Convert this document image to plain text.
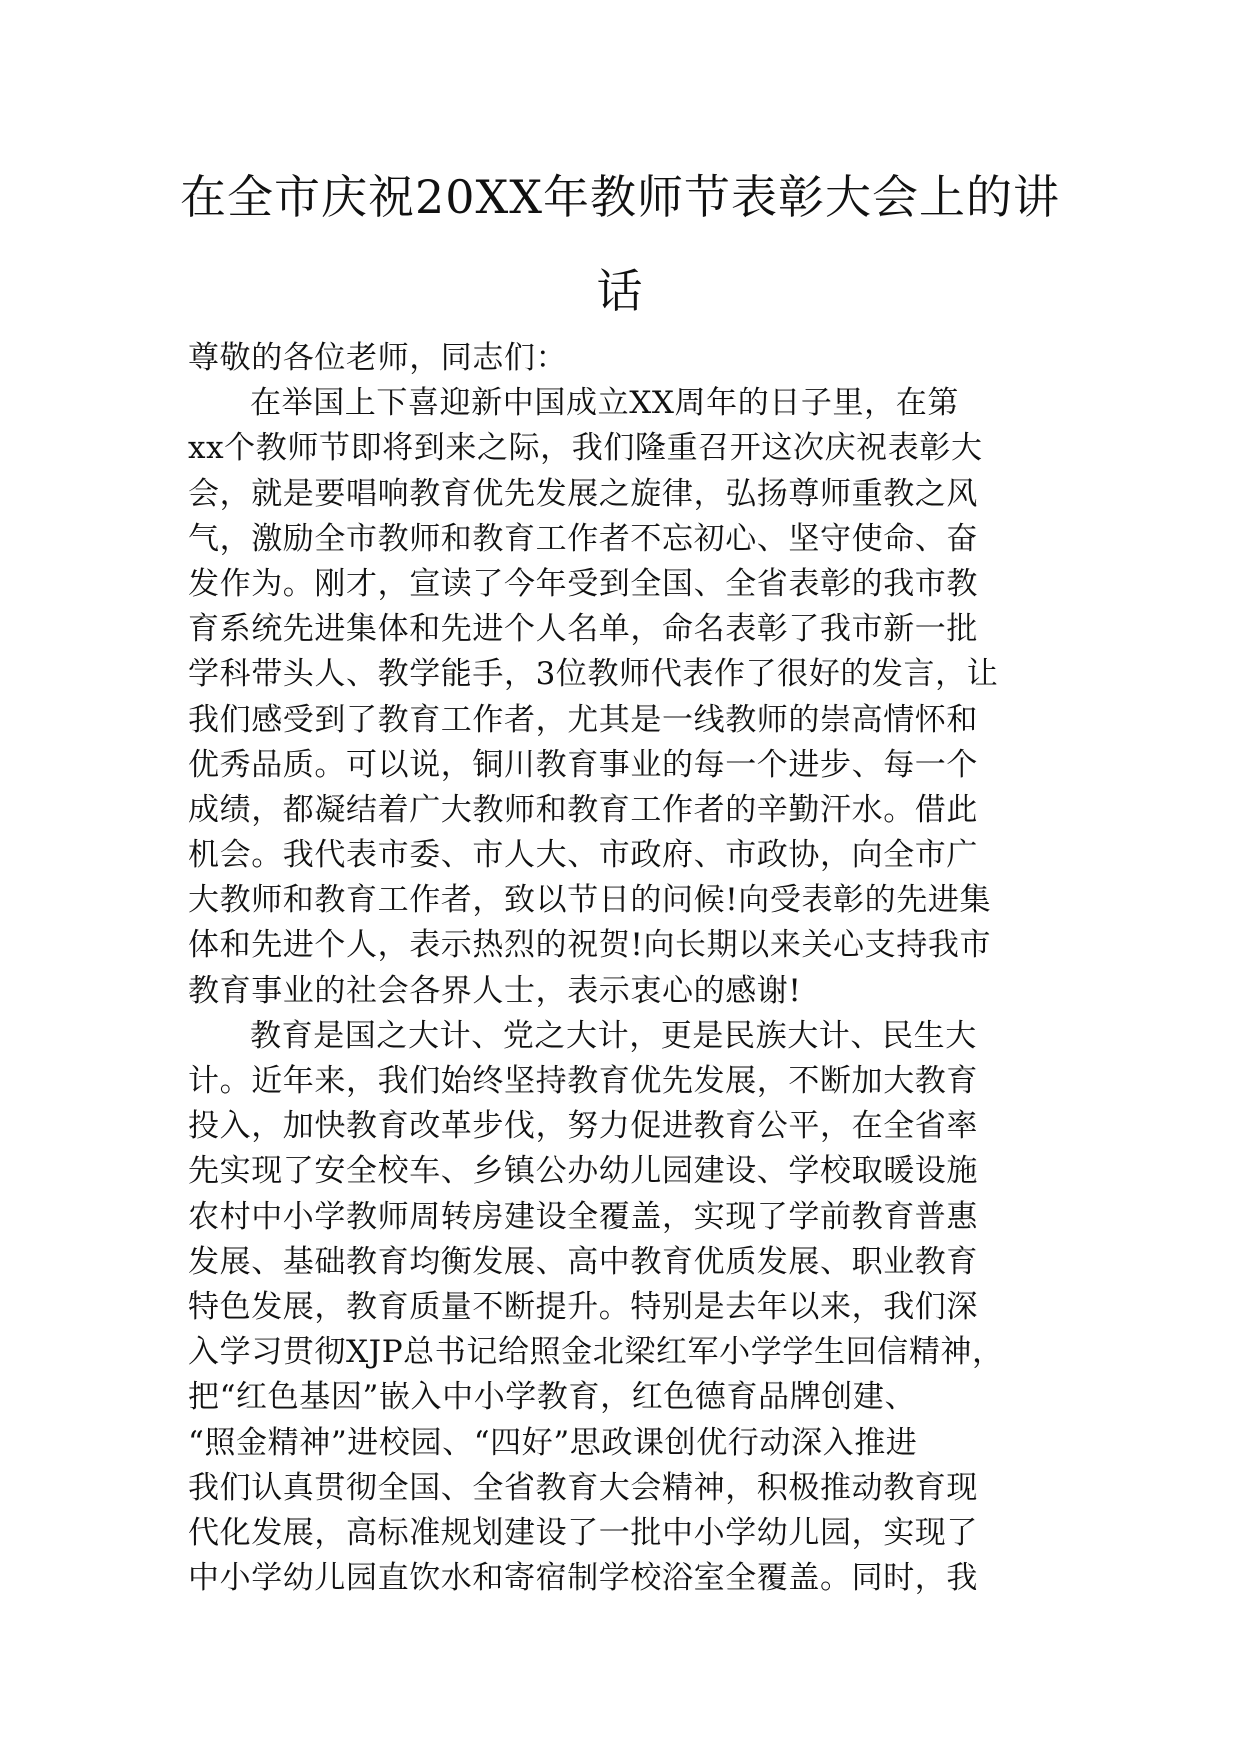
在全市庆祝20XX年教师节表彰大会上的讲
话
尊敬的各位老师，同志们：
在举国上下喜迎新中国成立XX周年的日子里，在第
xx个教师节即将到来之际，我们隆重召开这次庆祝表彰大
会，就是要唱响教育优先发展之旋律，弘扬尊师重教之风
气，激励全市教师和教育工作者不忘初心、坚守使命、奋
发作为。刚才，宣读了今年受到全国、全省表彰的我市教
育系统先进集体和先进个人名单，命名表彰了我市新一批
学科带头人、教学能手，3位教师代表作了很好的发言，让
我们感受到了教育工作者，尤其是一线教师的崇高情怀和
优秀品质。可以说，铜川教育事业的每一个进步、每一个
成绩，都凝结着广大教师和教育工作者的辛勤汗水。借此
机会。我代表市委、市人大、市政府、市政协，向全市广
大教师和教育工作者，致以节日的问候!向受表彰的先进集
体和先进个人，表示热烈的祝贺!向长期以来关心支持我市
教育事业的社会各界人士，表示衷心的感谢!
教育是国之大计、党之大计，更是民族大计、民生大
计。近年来，我们始终坚持教育优先发展，不断加大教育
投入，加快教育改革步伐，努力促进教育公平，在全省率
先实现了安全校车、乡镇公办幼儿园建设、学校取暖设施
农村中小学教师周转房建设全覆盖，实现了学前教育普惠
发展、基础教育均衡发展、高中教育优质发展、职业教育
特色发展，教育质量不断提升。特别是去年以来，我们深
入学习贯彻XJP总书记给照金北梁红军小学学生回信精神，
把“红色基因”嵌入中小学教育，红色德育品牌创建、
“照金精神”进校园、“四好”思政课创优行动深入推进
我们认真贯彻全国、全省教育大会精神，积极推动教育现
代化发展，高标准规划建设了一批中小学幼儿园，实现了
中小学幼儿园直饮水和寄宿制学校浴室全覆盖。同时，我
